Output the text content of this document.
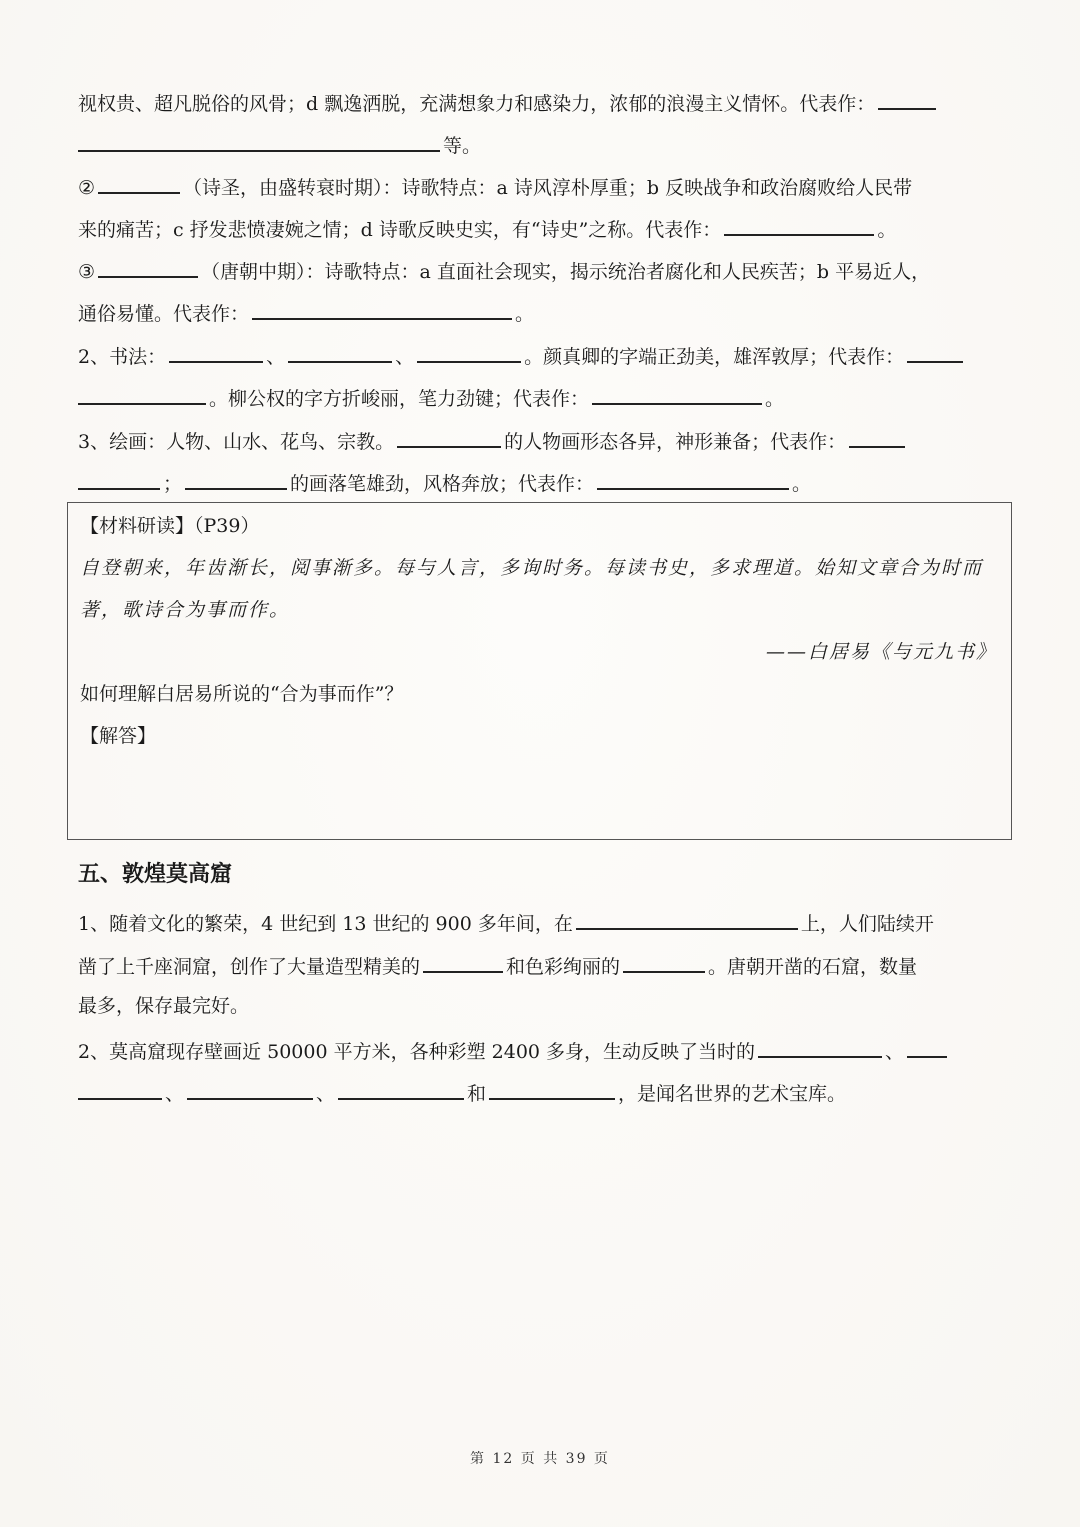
视权贵、超凡脱俗的风骨；d 飘逸洒脱，充满想象力和感染力，浓郁的浪漫主义情怀。代表作：
等。
②	（诗圣，由盛转衰时期）：诗歌特点：a 诗风淳朴厚重；b 反映战争和政治腐败给人民带
来的痛苦；c 抒发悲愤凄婉之情；d 诗歌反映史实，有“诗史”之称。代表作：	。
③	（唐朝中期）：诗歌特点：a 直面社会现实，揭示统治者腐化和人民疾苦；b 平易近人，
通俗易懂。代表作：	。
2、书法：	、	、	。颜真卿的字端正劲美，雄浑敦厚；代表作：
。柳公权的字方折峻丽，笔力劲键；代表作：	。
3、绘画：人物、山水、花鸟、宗教。	的人物画形态各异，神形兼备；代表作：
；	的画落笔雄劲，风格奔放；代表作：	。
【材料研读】（P39）
自登朝来，年齿渐长，阅事渐多。每与人言，多询时务。每读书史，多求理道。始知文章合为时而
著，歌诗合为事而作。
——白居易《与元九书》
如何理解白居易所说的“合为事而作”？
【解答】
五、敦煌莫高窟
1、随着文化的繁荣，4 世纪到 13 世纪的 900 多年间，在	上，人们陆续开
凿了上千座洞窟，创作了大量造型精美的	和色彩绚丽的	。唐朝开凿的石窟，数量
最多，保存最完好。
2、莫高窟现存壁画近 50000 平方米，各种彩塑 2400 多身，生动反映了当时的	、
、	、	和	，是闻名世界的艺术宝库。
第 12 页 共 39 页
